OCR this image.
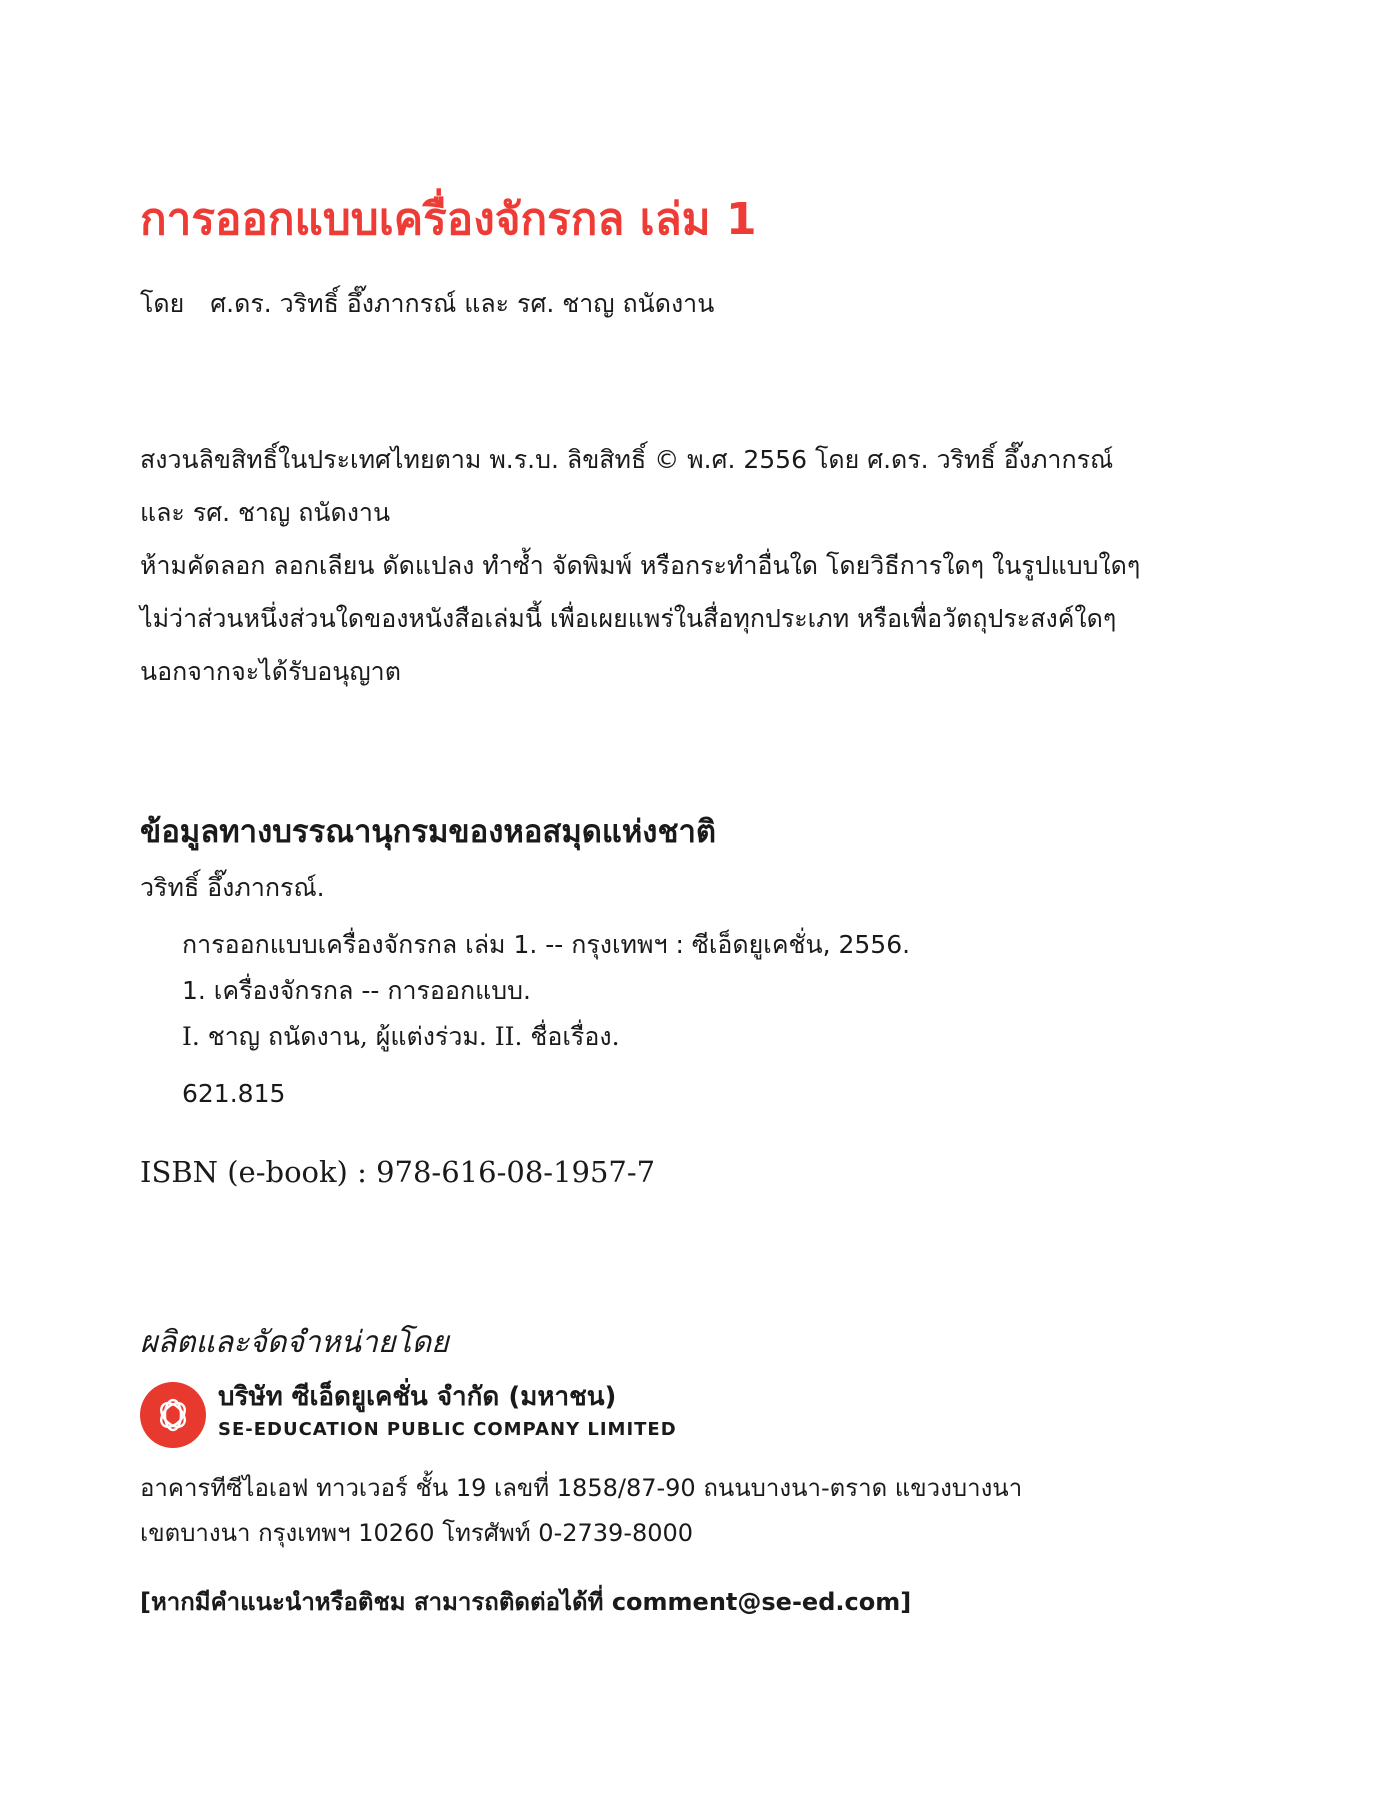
การออกแบบเครื่องจักรกล เล่ม 1
โดย ศ.ดร. วริทธิ์ อึ๊งภากรณ์ และ รศ. ชาญ ถนัดงาน
สงวนลิขสิทธิ์ในประเทศไทยตาม พ.ร.บ. ลิขสิทธิ์ © พ.ศ. 2556 โดย ศ.ดร. วริทธิ์ อึ๊งภากรณ์
และ รศ. ชาญ ถนัดงาน
ห้ามคัดลอก ลอกเลียน ดัดแปลง ทำซ้ำ จัดพิมพ์ หรือกระทำอื่นใด โดยวิธีการใดๆ ในรูปแบบใดๆ
ไม่ว่าส่วนหนึ่งส่วนใดของหนังสือเล่มนี้ เพื่อเผยแพร่ในสื่อทุกประเภท หรือเพื่อวัตถุประสงค์ใดๆ
นอกจากจะได้รับอนุญาต
ข้อมูลทางบรรณานุกรมของหอสมุดแห่งชาติ
วริทธิ์ อึ๊งภากรณ์.
การออกแบบเครื่องจักรกล เล่ม 1. -- กรุงเทพฯ : ซีเอ็ดยูเคชั่น, 2556.
1. เครื่องจักรกล -- การออกแบบ.
I. ชาญ ถนัดงาน, ผู้แต่งร่วม. II. ชื่อเรื่อง.
621.815
ISBN (e-book) : 978-616-08-1957-7
ผลิตและจัดจำหน่ายโดย
บริษัท ซีเอ็ดยูเคชั่น จำกัด (มหาชน)
SE-EDUCATION PUBLIC COMPANY LIMITED
อาคารทีซีไอเอฟ ทาวเวอร์ ชั้น 19 เลขที่ 1858/87-90 ถนนบางนา-ตราด แขวงบางนา
เขตบางนา กรุงเทพฯ 10260 โทรศัพท์ 0-2739-8000
[หากมีคำแนะนำหรือติชม สามารถติดต่อได้ที่ comment@se-ed.com]
